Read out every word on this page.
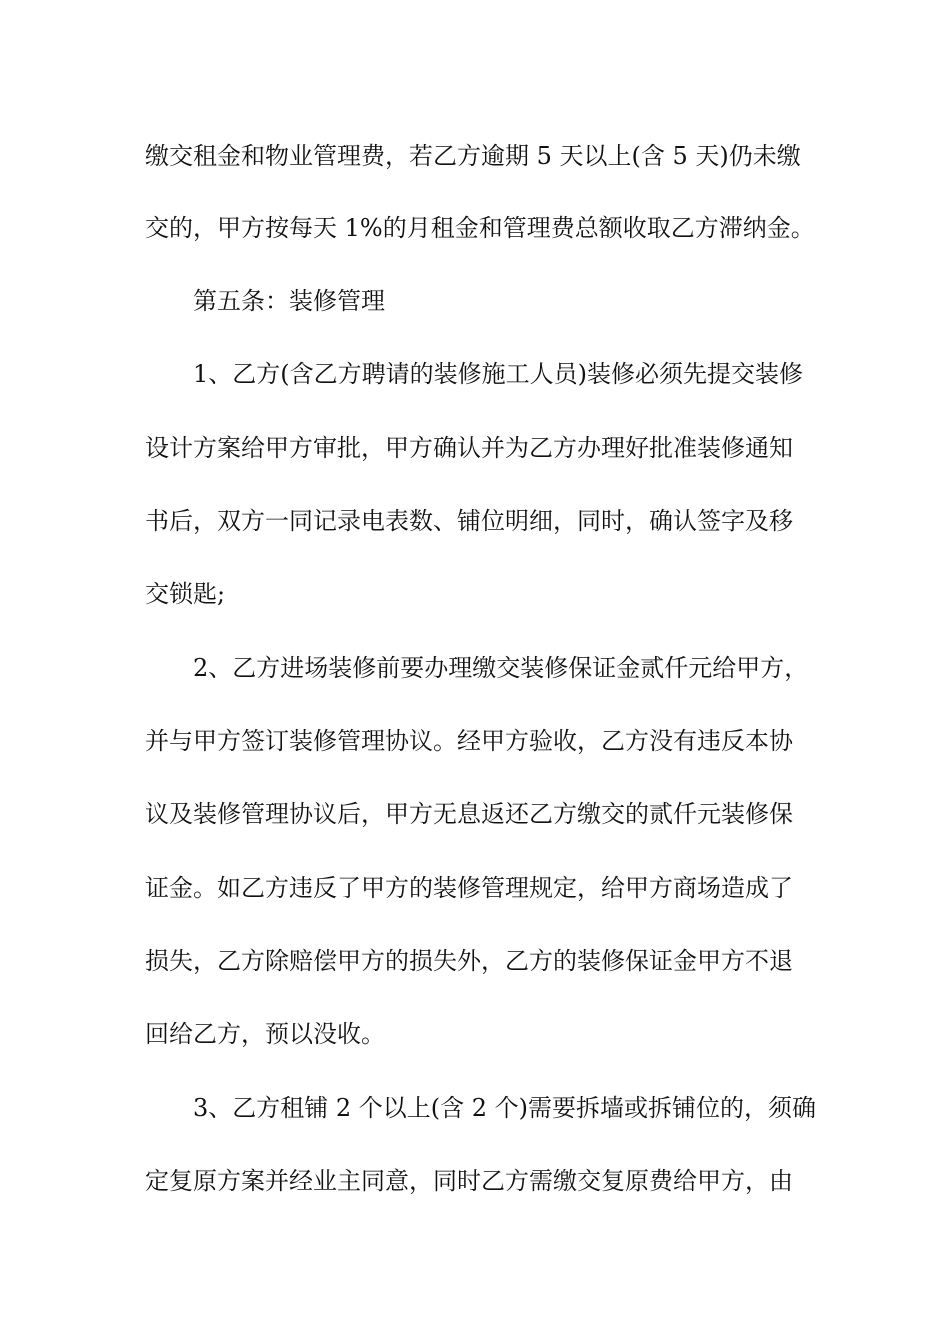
缴交租金和物业管理费，若乙方逾期 5 天以上(含 5 天)仍未缴
交的，甲方按每天 1%的月租金和管理费总额收取乙方滞纳金。
第五条：装修管理
1、乙方(含乙方聘请的装修施工人员)装修必须先提交装修
设计方案给甲方审批，甲方确认并为乙方办理好批准装修通知
书后，双方一同记录电表数、铺位明细，同时，确认签字及移
交锁匙;
2、乙方进场装修前要办理缴交装修保证金贰仟元给甲方，
并与甲方签订装修管理协议。经甲方验收，乙方没有违反本协
议及装修管理协议后，甲方无息返还乙方缴交的贰仟元装修保
证金。如乙方违反了甲方的装修管理规定，给甲方商场造成了
损失，乙方除赔偿甲方的损失外，乙方的装修保证金甲方不退
回给乙方，预以没收。
3、乙方租铺 2 个以上(含 2 个)需要拆墙或拆铺位的，须确
定复原方案并经业主同意，同时乙方需缴交复原费给甲方，由
